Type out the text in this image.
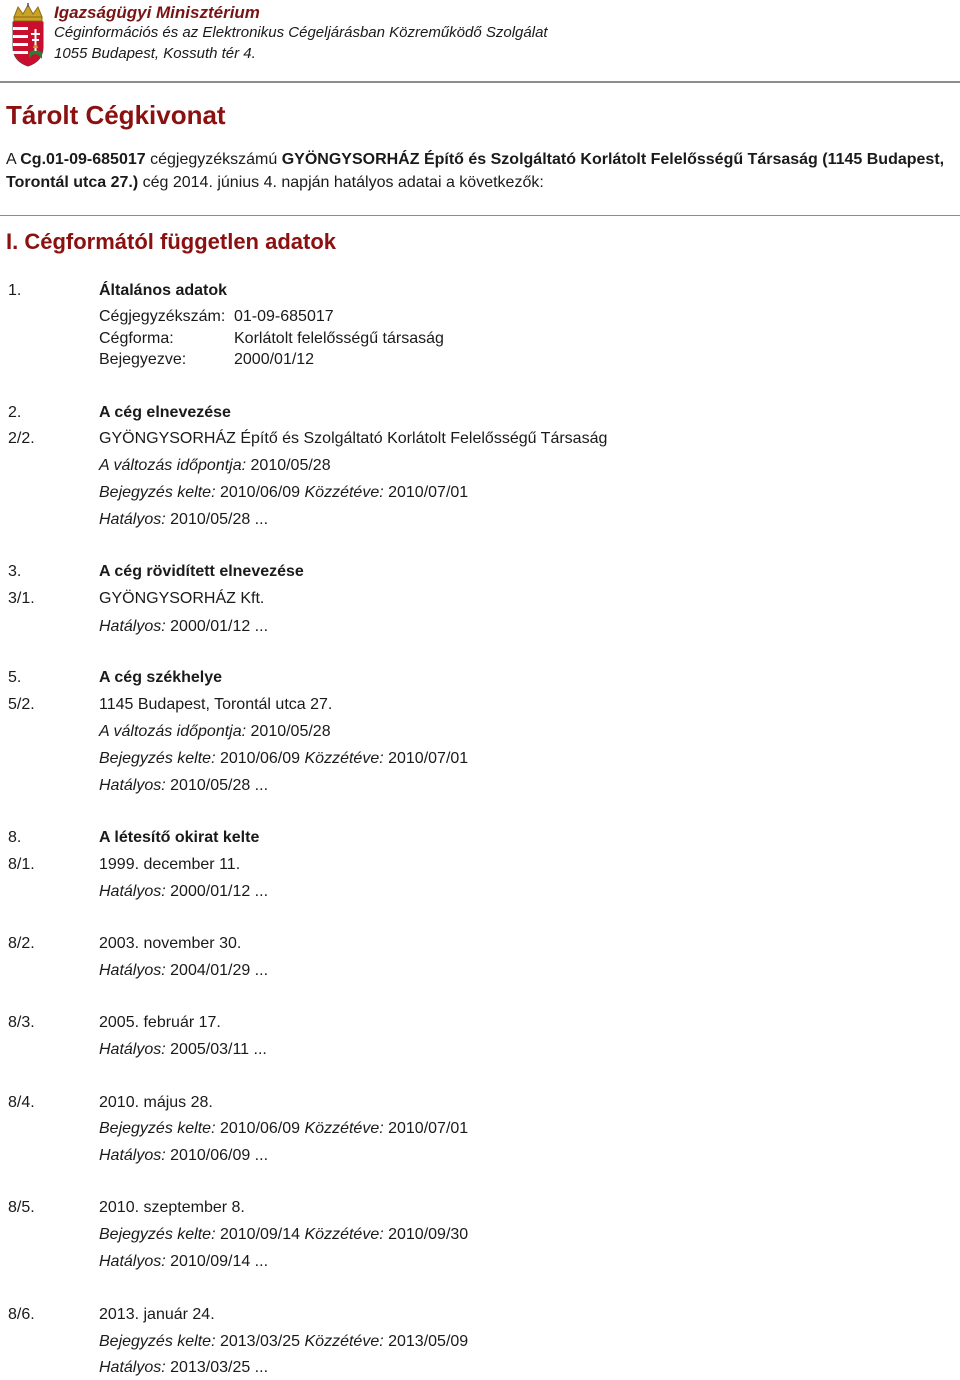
Igazságügyi Minisztérium
Céginformációs és az Elektronikus Cégeljárásban Közreműködő Szolgálat
1055 Budapest, Kossuth tér 4.
Tárolt Cégkivonat
A Cg.01-09-685017 cégjegyzékszámú GYÖNGYSORHÁZ Építő és Szolgáltató Korlátolt Felelősségű Társaság (1145 Budapest, Torontál utca 27.) cég 2014. június 4. napján hatályos adatai a következők:
I. Cégformától független adatok
1.	Általános adatok
Cégjegyzékszám: 01-09-685017
Cégforma:	Korlátolt felelősségű társaság
Bejegyezve:	2000/01/12
2.	A cég elnevezése
2/2.	GYÖNGYSORHÁZ Építő és Szolgáltató Korlátolt Felelősségű Társaság
A változás időpontja: 2010/05/28
Bejegyzés kelte: 2010/06/09 Közzétéve: 2010/07/01
Hatályos: 2010/05/28 ...
3.	A cég rövidített elnevezése
3/1.	GYÖNGYSORHÁZ Kft.
Hatályos: 2000/01/12 ...
5.	A cég székhelye
5/2.	1145 Budapest, Torontál utca 27.
A változás időpontja: 2010/05/28
Bejegyzés kelte: 2010/06/09 Közzétéve: 2010/07/01
Hatályos: 2010/05/28 ...
8.	A létesítő okirat kelte
8/1.	1999. december 11.
Hatályos: 2000/01/12 ...
8/2.	2003. november 30.
Hatályos: 2004/01/29 ...
8/3.	2005. február 17.
Hatályos: 2005/03/11 ...
8/4.	2010. május 28.
Bejegyzés kelte: 2010/06/09 Közzétéve: 2010/07/01
Hatályos: 2010/06/09 ...
8/5.	2010. szeptember 8.
Bejegyzés kelte: 2010/09/14 Közzétéve: 2010/09/30
Hatályos: 2010/09/14 ...
8/6.	2013. január 24.
Bejegyzés kelte: 2013/03/25 Közzétéve: 2013/05/09
Hatályos: 2013/03/25 ...
